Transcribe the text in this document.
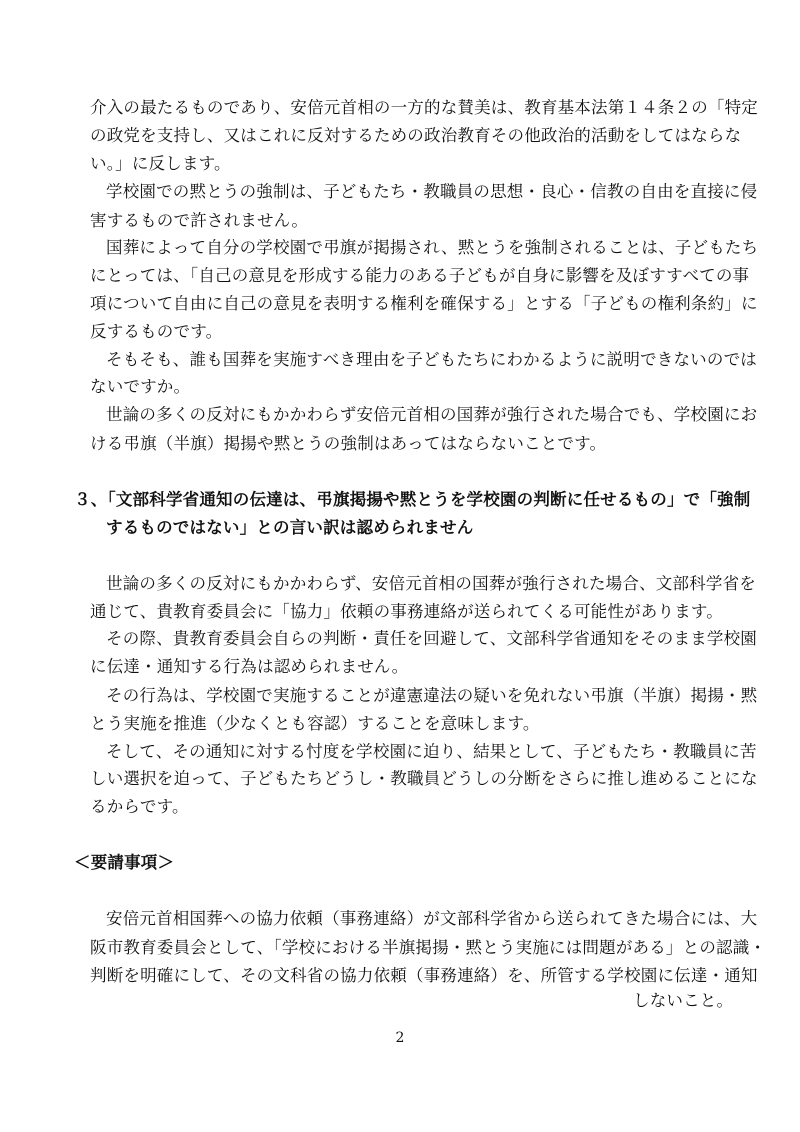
介入の最たるものであり、安倍元首相の一方的な賛美は、教育基本法第１４条２の「特定
の政党を支持し、又はこれに反対するための政治教育その他政治的活動をしてはならな
い。」に反します。
学校園での黙とうの強制は、子どもたち・教職員の思想・良心・信教の自由を直接に侵
害するもので許されません。
国葬によって自分の学校園で弔旗が掲揚され、黙とうを強制されることは、子どもたち
にとっては、「自己の意見を形成する能力のある子どもが自身に影響を及ぼすすべての事
項について自由に自己の意見を表明する権利を確保する」とする「子どもの権利条約」に
反するものです。
そもそも、誰も国葬を実施すべき理由を子どもたちにわかるように説明できないのでは
ないですか。
世論の多くの反対にもかかわらず安倍元首相の国葬が強行された場合でも、学校園にお
ける弔旗（半旗）掲揚や黙とうの強制はあってはならないことです。
３、「文部科学省通知の伝達は、弔旗掲揚や黙とうを学校園の判断に任せるもの」で「強制
するものではない」との言い訳は認められません
世論の多くの反対にもかかわらず、安倍元首相の国葬が強行された場合、文部科学省を
通じて、貴教育委員会に「協力」依頼の事務連絡が送られてくる可能性があります。
その際、貴教育委員会自らの判断・責任を回避して、文部科学省通知をそのまま学校園
に伝達・通知する行為は認められません。
その行為は、学校園で実施することが違憲違法の疑いを免れない弔旗（半旗）掲揚・黙
とう実施を推進（少なくとも容認）することを意味します。
そして、その通知に対する忖度を学校園に迫り、結果として、子どもたち・教職員に苦
しい選択を迫って、子どもたちどうし・教職員どうしの分断をさらに推し進めることにな
るからです。
＜要請事項＞
安倍元首相国葬への協力依頼（事務連絡）が文部科学省から送られてきた場合には、大
阪市教育委員会として、「学校における半旗掲揚・黙とう実施には問題がある」との認識・
判断を明確にして、その文科省の協力依頼（事務連絡）を、所管する学校園に伝達・通知
しないこと。
2
